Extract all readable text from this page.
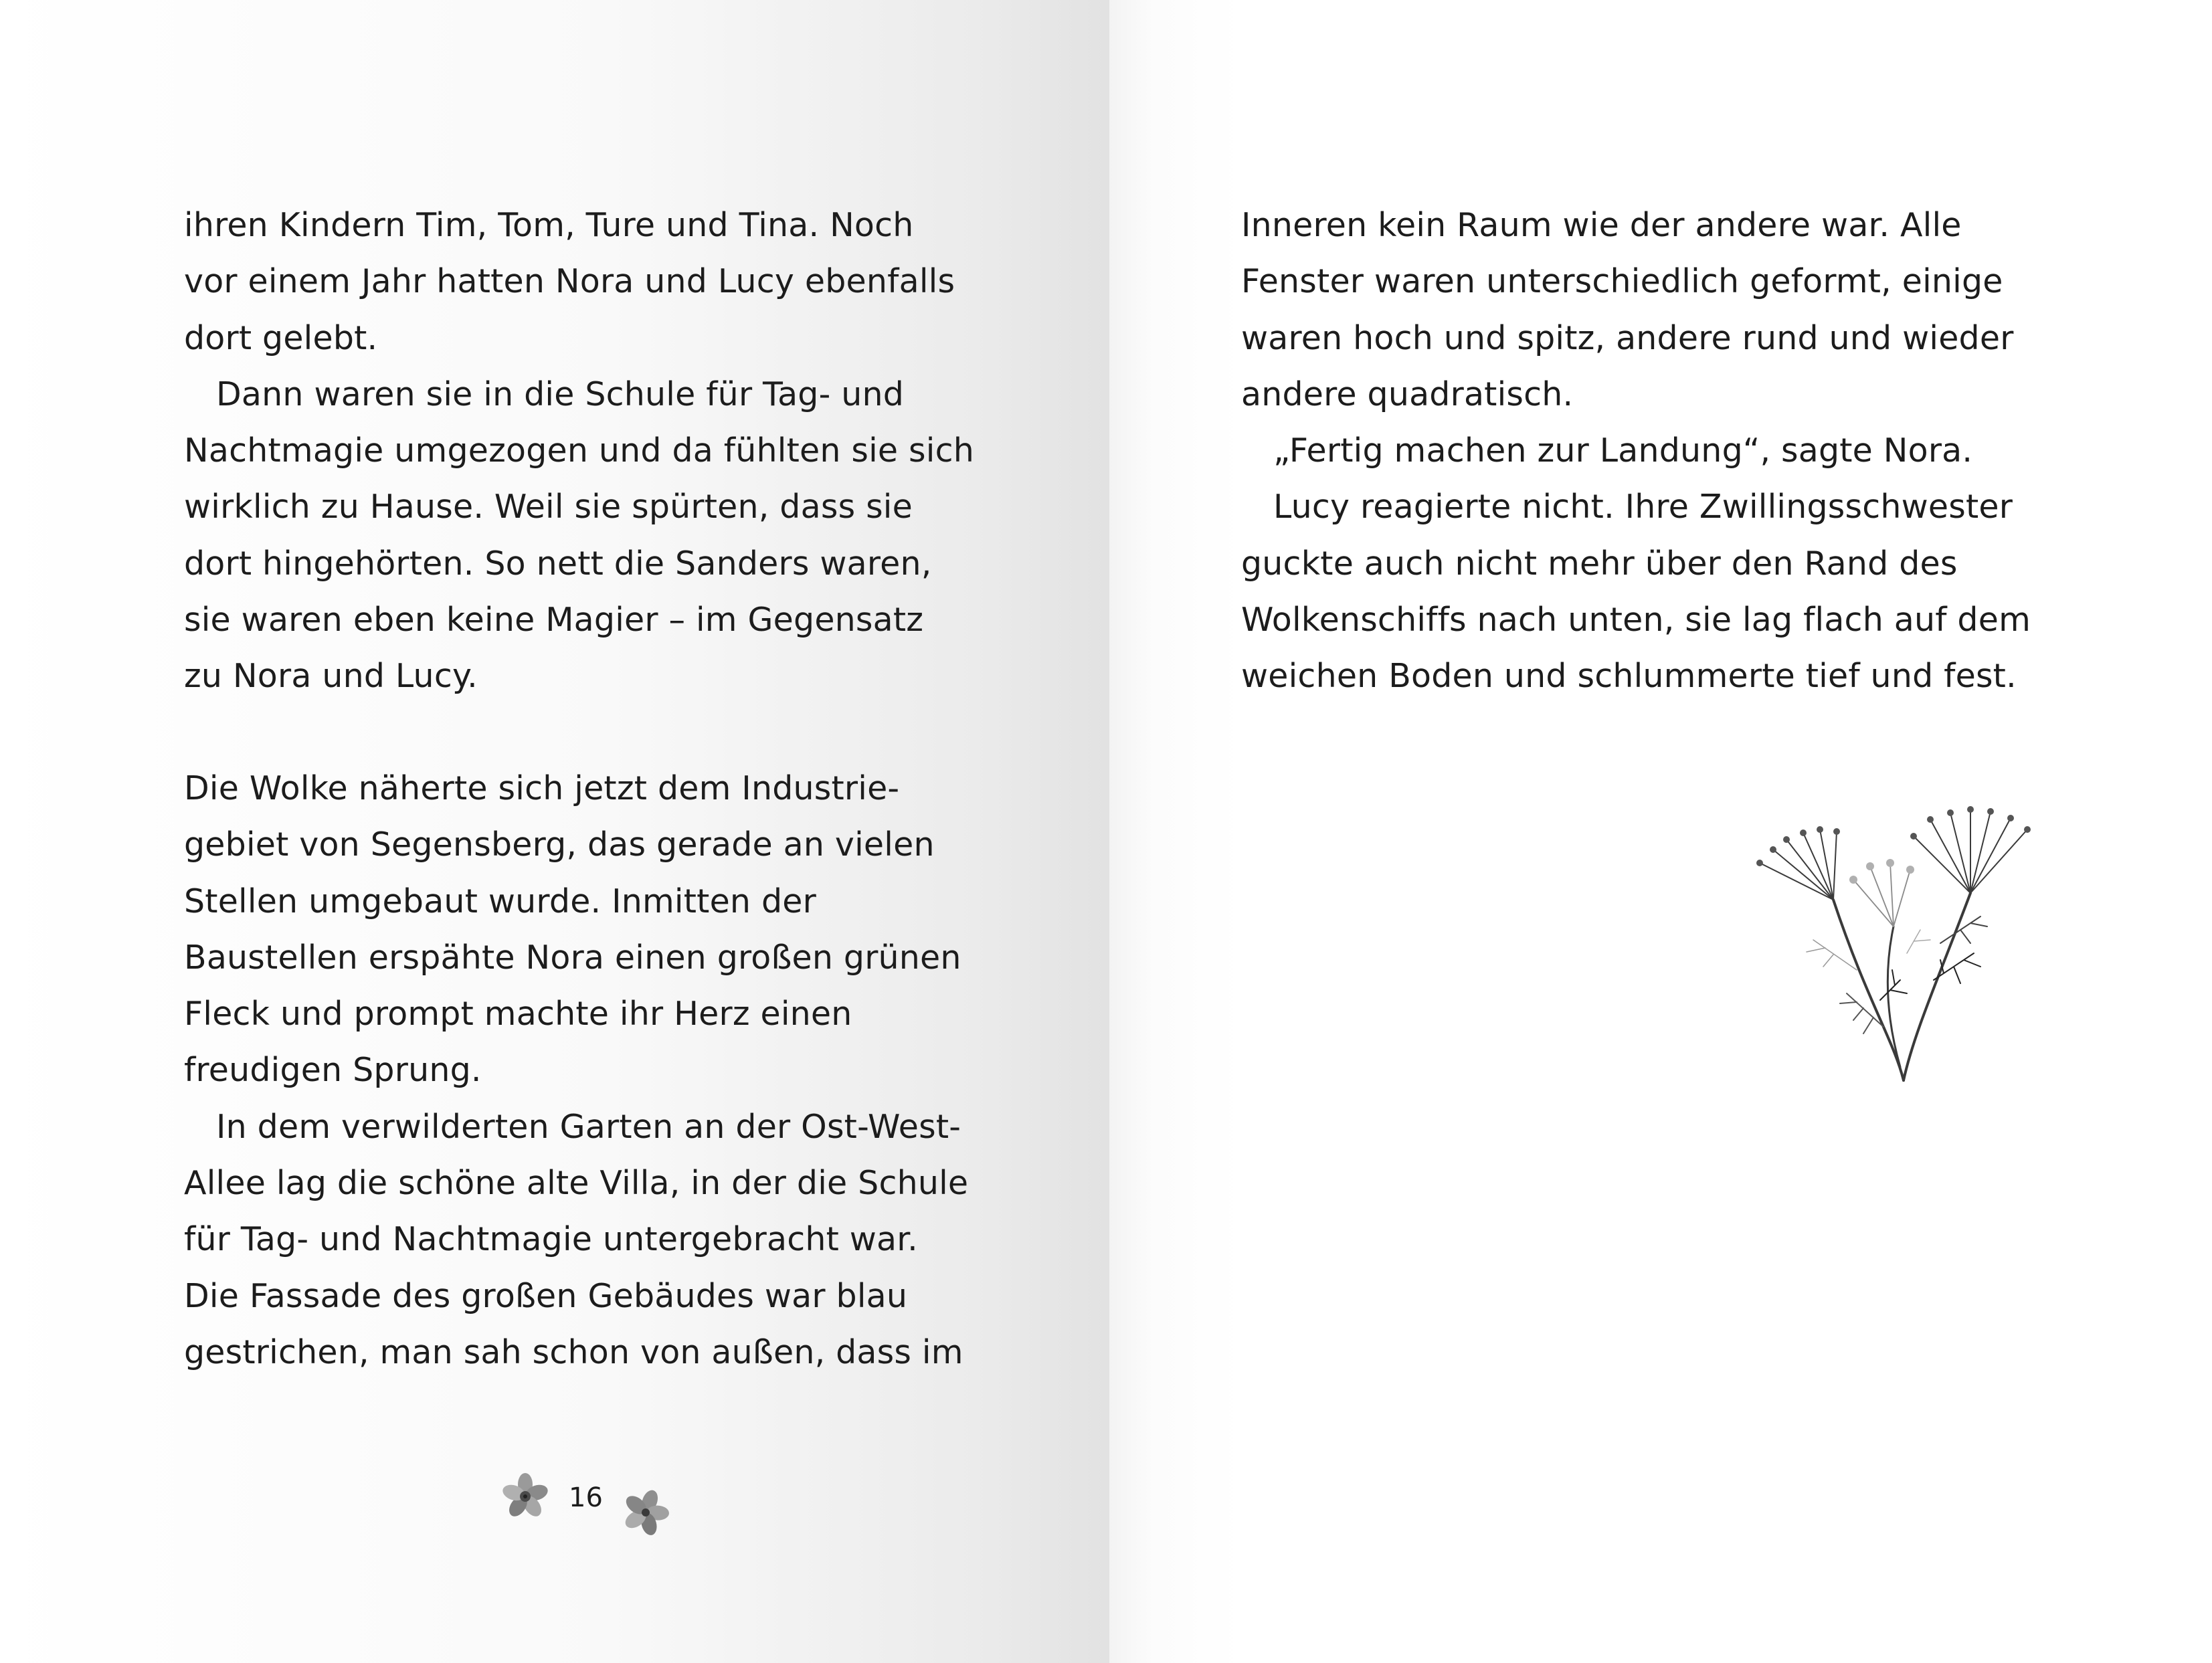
ihren Kindern Tim, Tom, Ture und Tina. Noch
vor einem Jahr hatten Nora und Lucy ebenfalls
dort gelebt.
Dann waren sie in die Schule für Tag- und
Nachtmagie umgezogen und da fühlten sie sich
wirklich zu Hause. Weil sie spürten, dass sie
dort hingehörten. So nett die Sanders waren,
sie waren eben keine Magier – im Gegensatz
zu Nora und Lucy.
Die Wolke näherte sich jetzt dem Industrie-
gebiet von Segensberg, das gerade an vielen
Stellen umgebaut wurde. Inmitten der
Baustellen erspähte Nora einen großen grünen
Fleck und prompt machte ihr Herz einen
freudigen Sprung.
In dem verwilderten Garten an der Ost-West-
Allee lag die schöne alte Villa, in der die Schule
für Tag- und Nachtmagie untergebracht war.
Die Fassade des großen Gebäudes war blau
gestrichen, man sah schon von außen, dass im
16
Inneren kein Raum wie der andere war. Alle
Fenster waren unterschiedlich geformt, einige
waren hoch und spitz, andere rund und wieder
andere quadratisch.
„Fertig machen zur Landung“, sagte Nora.
Lucy reagierte nicht. Ihre Zwillingsschwester
guckte auch nicht mehr über den Rand des
Wolkenschiffs nach unten, sie lag flach auf dem
weichen Boden und schlummerte tief und fest.
